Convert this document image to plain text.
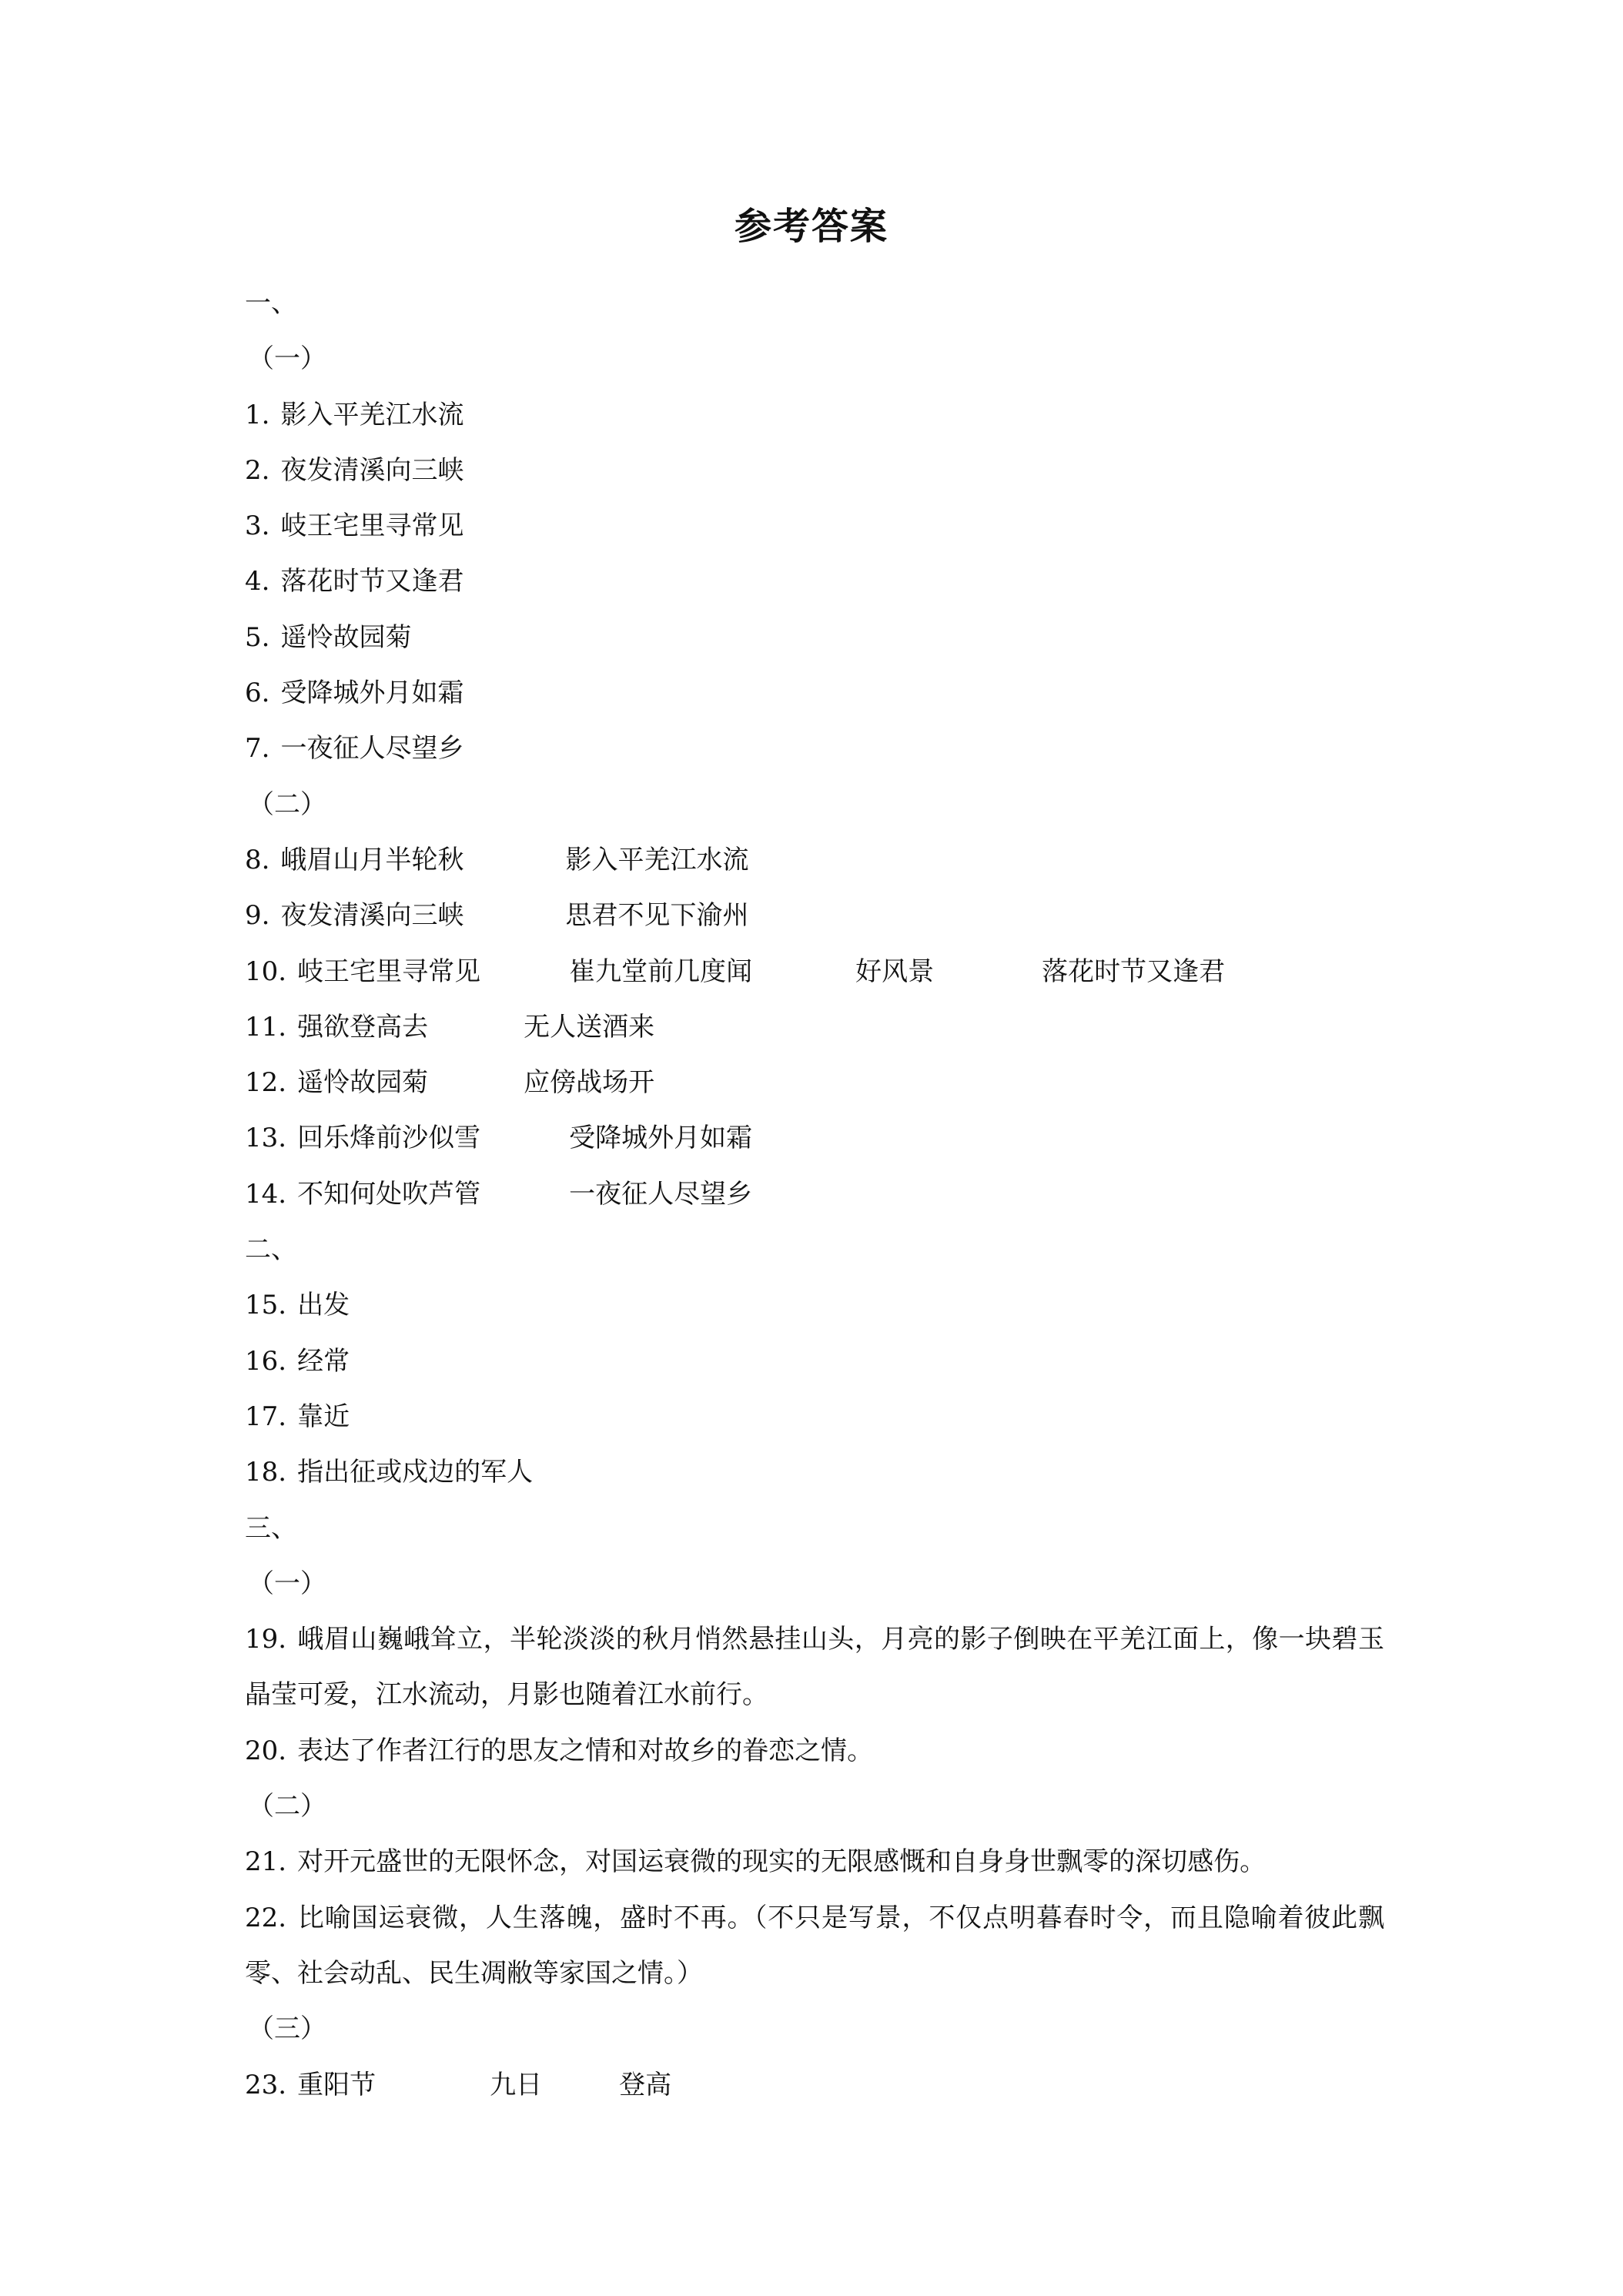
参考答案
一、
（一）
1. 影入平羌江水流
2. 夜发清溪向三峡
3. 岐王宅里寻常见
4. 落花时节又逢君
5. 遥怜故园菊
6. 受降城外月如霜
7. 一夜征人尽望乡
（二）
8. 峨眉山月半轮秋	影入平羌江水流
9. 夜发清溪向三峡	思君不见下渝州
10. 岐王宅里寻常见	崔九堂前几度闻	好风景	落花时节又逢君
11. 强欲登高去	无人送酒来
12. 遥怜故园菊	应傍战场开
13. 回乐烽前沙似雪	受降城外月如霜
14. 不知何处吹芦管	一夜征人尽望乡
二、
15. 出发
16. 经常
17. 靠近
18. 指出征或戍边的军人
三、
（一）
19. 峨眉山巍峨耸立，半轮淡淡的秋月悄然悬挂山头，月亮的影子倒映在平羌江面上，像一块碧玉晶莹可爱，江水流动，月影也随着江水前行。
20. 表达了作者江行的思友之情和对故乡的眷恋之情。
（二）
21. 对开元盛世的无限怀念，对国运衰微的现实的无限感慨和自身身世飘零的深切感伤。
22. 比喻国运衰微，人生落魄，盛时不再。（不只是写景，不仅点明暮春时令，而且隐喻着彼此飘零、社会动乱、民生凋敝等家国之情。）
（三）
23. 重阳节	九日	登高
